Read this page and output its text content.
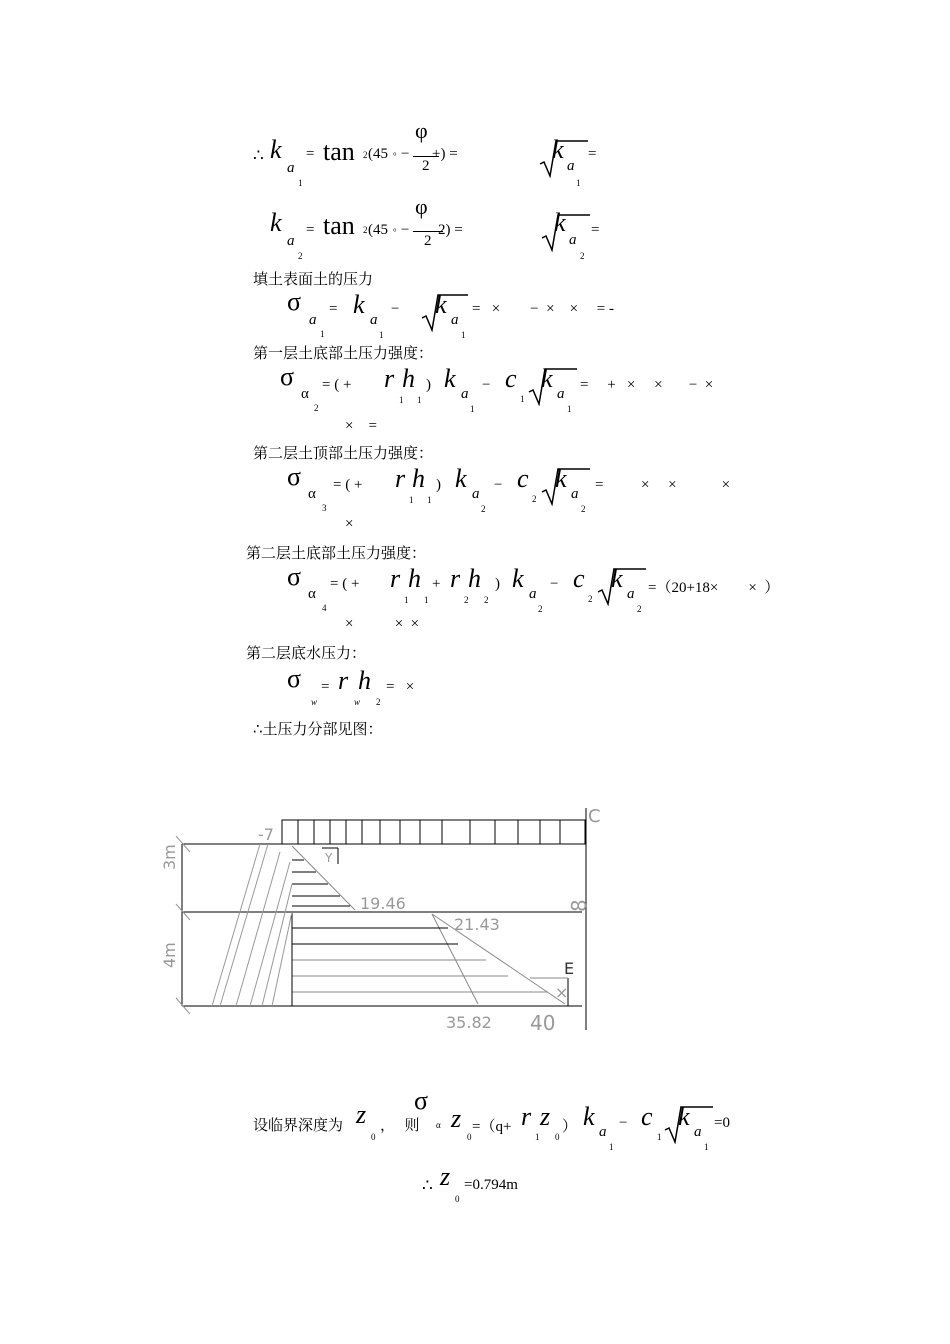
∴ k
a
1
= tan 2 (45 ° −
φ
2
+) =	k
a
1
=
k
a
2
= tan 2 (45 ° −
φ
2
2) =	k
a
2
=
填土表面土的压力
σ
a
1
= k
a
1
− k
a
1
=   ×        −  ×    ×     = -
第一层土底部土压力强度：
σ
α
2
= ( + r h
1 1
) k
a
1
− c
1
k
a
1
=     +   ×     ×       −  ×
×    =
第二层土顶部土压力强度：
σ
α
3
= ( + r h
1 1
) k
a
2
− c
2
k
a
2
=          ×     ×            ×
×
第二层土底部土压力强度：
σ
α
4
= ( + r h
1 1
+ r h
2 2
) k
a
2
− c
2
k
a
2
=（20+18×        ×  ）
×           ×  ×
第二层底水压力：
σ
w
= r h
w 2
=   ×
∴土压力分部见图：
-7
Y
3m
4m
19.46
21.43
35.82 40
C
8
E
×
设临界深度为 z
0
，  则
σ
α z
0
=（q+ r z
1 0
） k
a
1
− c
1
k
a
1
=0
∴ z
0
=0.794m
